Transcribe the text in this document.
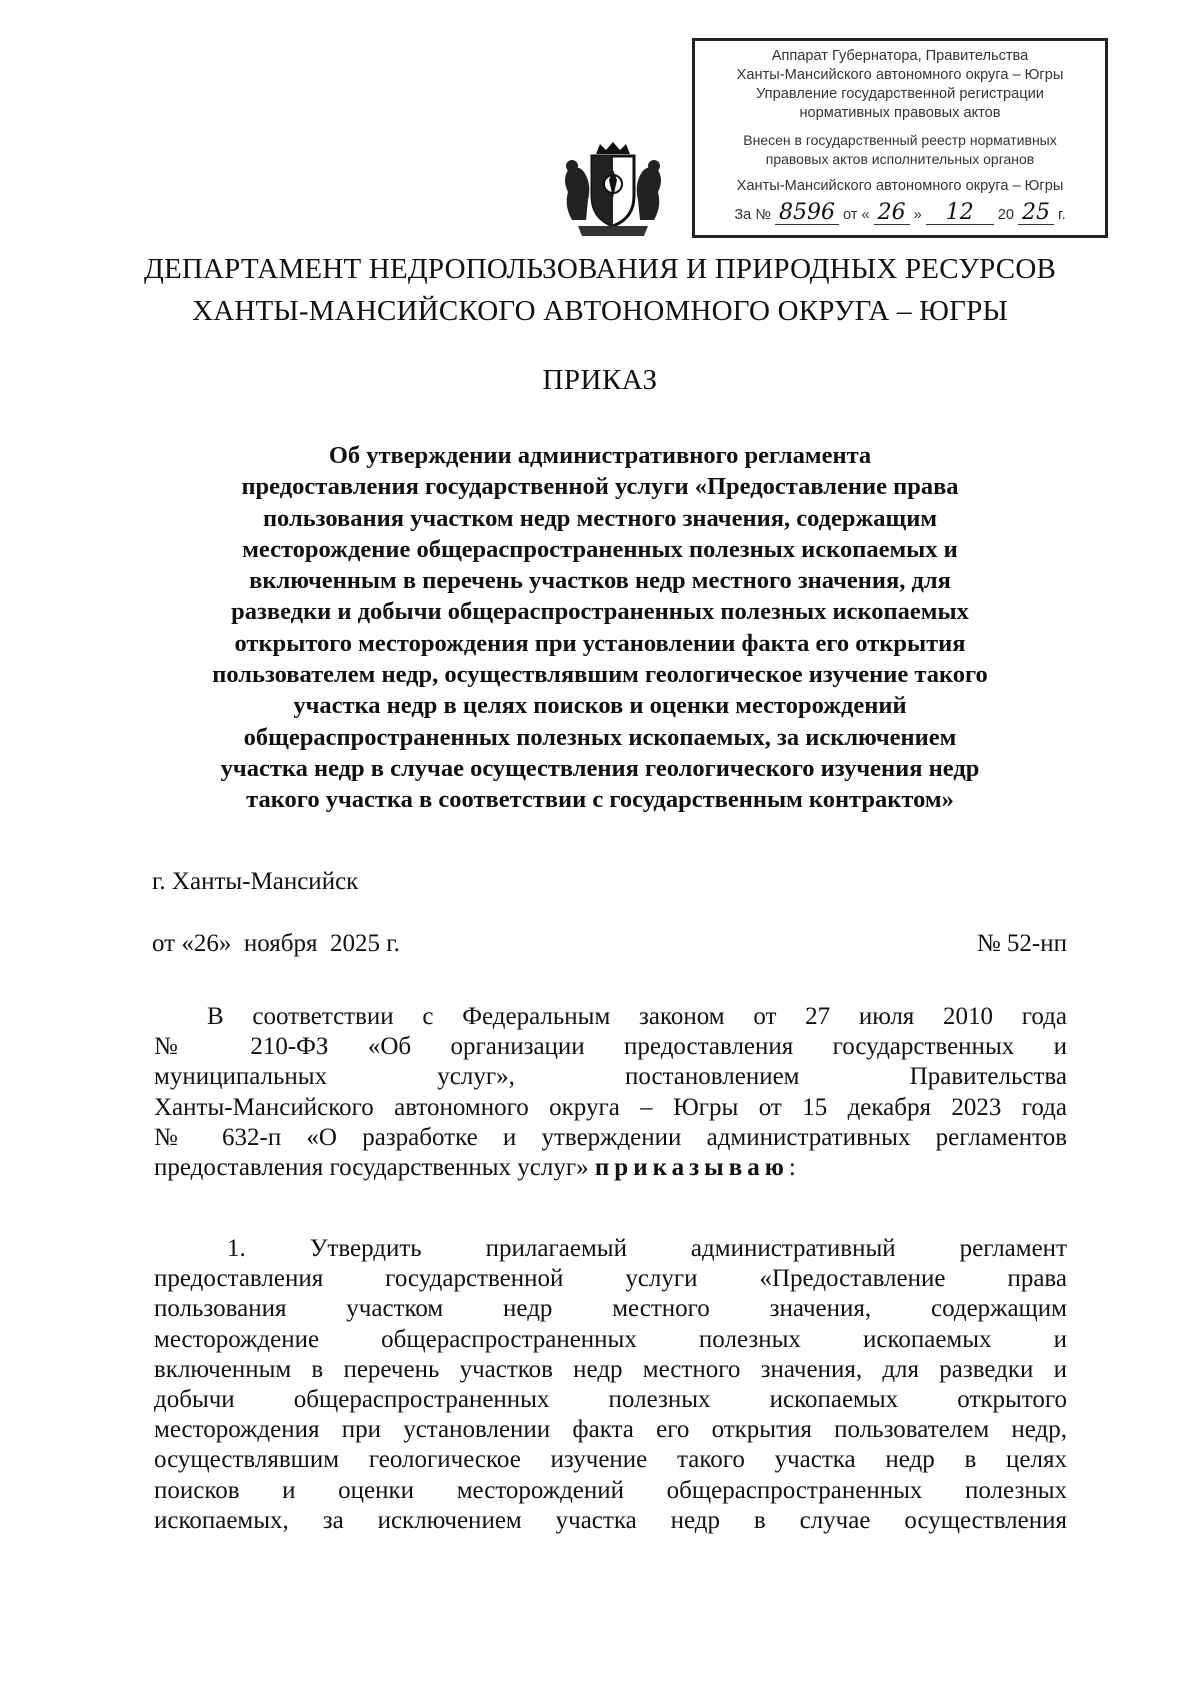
Аппарат Губернатора, Правительства
Ханты-Мансийского автономного округа – Югры
Управление государственной регистрации
нормативных правовых актов
Внесен в государственный реестр нормативных
правовых актов исполнительных органов
Ханты-Мансийского автономного округа – Югры
За № 8596 от « 26 »	12	20 25 г.
ДЕПАРТАМЕНТ НЕДРОПОЛЬЗОВАНИЯ И ПРИРОДНЫХ РЕСУРСОВ
ХАНТЫ-МАНСИЙСКОГО АВТОНОМНОГО ОКРУГА – ЮГРЫ
ПРИКАЗ
Об утверждении административного регламента
предоставления государственной услуги «Предоставление права
пользования участком недр местного значения, содержащим
месторождение общераспространенных полезных ископаемых и
включенным в перечень участков недр местного значения, для
разведки и добычи общераспространенных полезных ископаемых
открытого месторождения при установлении факта его открытия
пользователем недр, осуществлявшим геологическое изучение такого
участка недр в целях поисков и оценки месторождений
общераспространенных полезных ископаемых, за исключением
участка недр в случае осуществления геологического изучения недр
такого участка в соответствии с государственным контрактом»
г. Ханты-Мансийск
от «26»  ноября  2025 г.	№ 52-нп
В соответствии с Федеральным законом от 27 июля 2010 года
№ 210-ФЗ «Об организации предоставления государственных и
муниципальных услуг», постановлением Правительства
Ханты-Мансийского автономного округа – Югры от 15 декабря 2023 года
№ 632-п «О разработке и утверждении административных регламентов
предоставления государственных услуг» приказываю:
1. Утвердить прилагаемый административный регламент
предоставления государственной услуги «Предоставление права
пользования участком недр местного значения, содержащим
месторождение общераспространенных полезных ископаемых и
включенным в перечень участков недр местного значения, для разведки и
добычи общераспространенных полезных ископаемых открытого
месторождения при установлении факта его открытия пользователем недр,
осуществлявшим геологическое изучение такого участка недр в целях
поисков и оценки месторождений общераспространенных полезных
ископаемых, за исключением участка недр в случае осуществления
